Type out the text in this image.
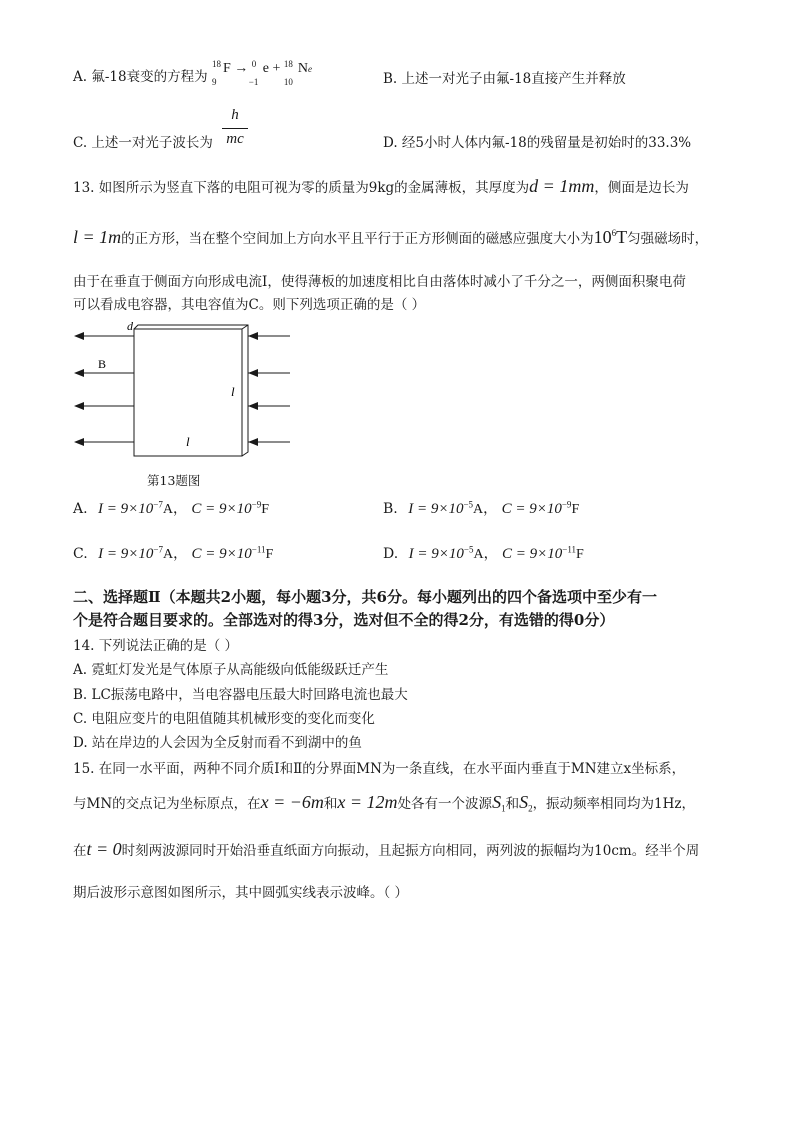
A. 氟-18衰变的方程为
18
9
F → 0
−1
e + 18
10
Ne
B. 上述一对光子由氟-18直接产生并释放
C. 上述一对光子波长为
h
mc	D. 经5小时人体内氟-18的残留量是初始时的33.3%
13. 如图所示为竖直下落的电阻可视为零的质量为9kg的金属薄板，其厚度为d = 1mm，侧面是边长为
l = 1m的正方形，当在整个空间加上方向水平且平行于正方形侧面的磁感应强度大小为$10^6T$匀强磁场时，
由于在垂直于侧面方向形成电流I，使得薄板的加速度相比自由落体时减小了千分之一，两侧面积聚电荷
可以看成电容器，其电容值为C。则下列选项正确的是（ ）
d
B
l
l
第13题图
A. $I = 9\times 10^{-7}A$， $C = 9\times 10^{-9}F$	B. $I = 9\times 10^{-5}A$， $C = 9\times 10^{-9}F$
C. $I = 9\times 10^{-7}A$， $C = 9\times 10^{-11}F$	D. $I = 9\times 10^{-5}A$， $C = 9\times 10^{-11}F$
二、选择题Ⅱ（本题共2小题，每小题3分，共6分。每小题列出的四个备选项中至少有一
个是符合题目要求的。全部选对的得3分，选对但不全的得2分，有选错的得0分）
14. 下列说法正确的是（ ）
A. 霓虹灯发光是气体原子从高能级向低能级跃迁产生
B. LC振荡电路中，当电容器电压最大时回路电流也最大
C. 电阻应变片的电阻值随其机械形变的变化而变化
D. 站在岸边的人会因为全反射而看不到湖中的鱼
15. 在同一水平面，两种不同介质Ⅰ和Ⅱ的分界面MN为一条直线，在水平面内垂直于MN建立x坐标系，
与MN的交点记为坐标原点，在x = −6m和x = 12m处各有一个波源$S_1$和$S_2$，振动频率相同均为1Hz，
在t = 0时刻两波源同时开始沿垂直纸面方向振动，且起振方向相同，两列波的振幅均为10cm。经半个周
期后波形示意图如图所示，其中圆弧实线表示波峰。（ ）
